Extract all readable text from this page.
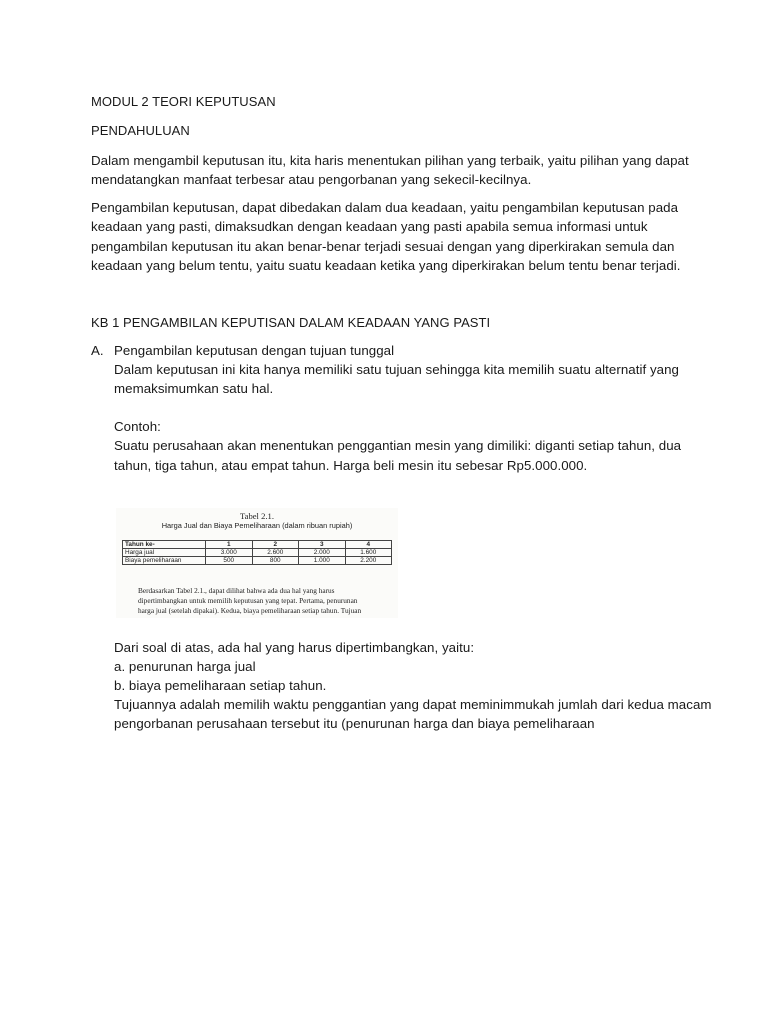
MODUL 2 TEORI KEPUTUSAN
PENDAHULUAN
Dalam mengambil keputusan itu, kita haris menentukan pilihan yang terbaik, yaitu pilihan yang dapat
mendatangkan manfaat terbesar atau pengorbanan yang sekecil-kecilnya.
Pengambilan keputusan, dapat dibedakan dalam dua keadaan, yaitu pengambilan keputusan pada
keadaan yang pasti, dimaksudkan dengan keadaan yang pasti apabila semua informasi untuk
pengambilan keputusan itu akan benar-benar terjadi sesuai dengan yang diperkirakan semula dan
keadaan yang belum tentu, yaitu suatu keadaan ketika yang diperkirakan belum tentu benar terjadi.
KB 1 PENGAMBILAN KEPUTISAN DALAM KEADAAN YANG PASTI
A. Pengambilan keputusan dengan tujuan tunggal
Dalam keputusan ini kita hanya memiliki satu tujuan sehingga kita memilih suatu alternatif yang
memaksimumkan satu hal.
Contoh:
Suatu perusahaan akan menentukan penggantian mesin yang dimiliki: diganti setiap tahun, dua
tahun, tiga tahun, atau empat tahun. Harga beli mesin itu sebesar Rp5.000.000.
Tabel 2.1.
Harga Jual dan Biaya Pemeliharaan (dalam ribuan rupiah)
Tahun ke-	1	2	3	4
Harga jual	3.000	2.600	2.000	1.600
Biaya pemeliharaan	500	800	1.000	2.200
Berdasarkan Tabel 2.1., dapat dilihat bahwa ada dua hal yang harus
dipertimbangkan untuk memilih keputusan yang tepat. Pertama, penurunan
harga jual (setelah dipakai). Kedua, biaya pemeliharaan setiap tahun. Tujuan
Dari soal di atas, ada hal yang harus dipertimbangkan, yaitu:
a. penurunan harga jual
b. biaya pemeliharaan setiap tahun.
Tujuannya adalah memilih waktu penggantian yang dapat meminimmukah jumlah dari kedua macam
pengorbanan perusahaan tersebut itu (penurunan harga dan biaya pemeliharaan
